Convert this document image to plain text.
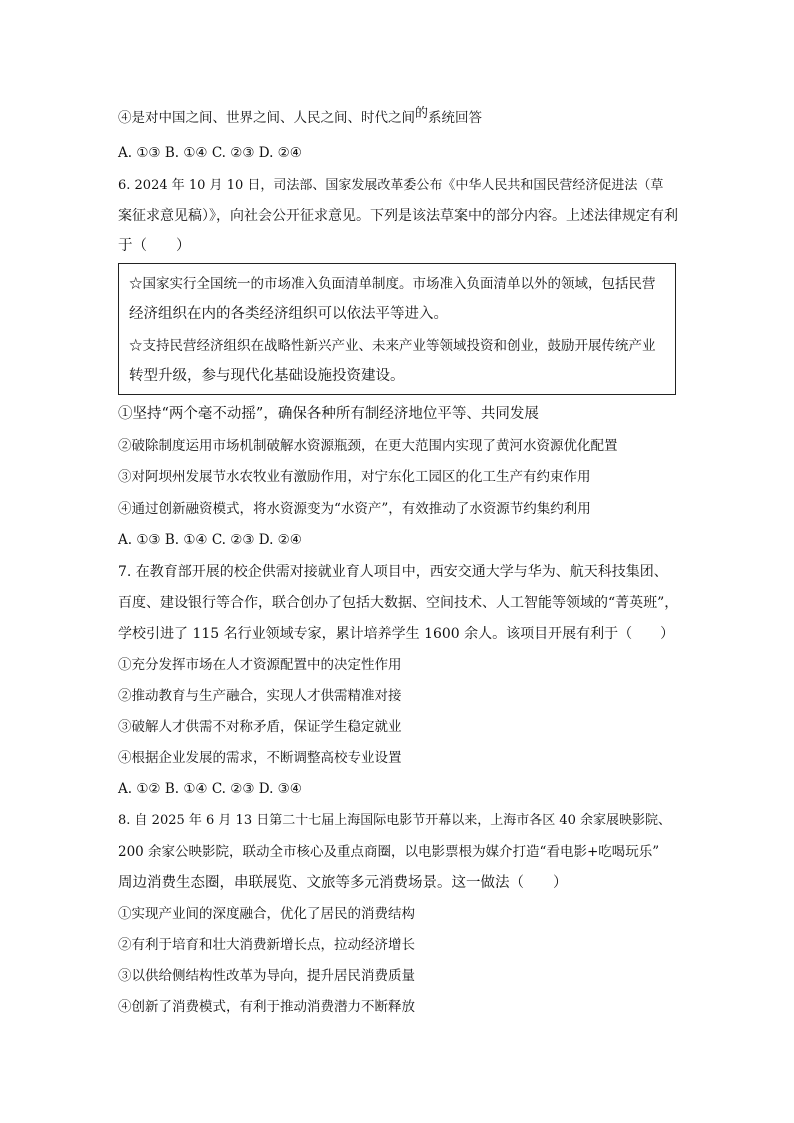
④是对中国之间、世界之间、人民之间、时代之间的系统回答
A. ①③ B. ①④ C. ②③ D. ②④
6. 2024 年 10 月 10 日，司法部、国家发展改革委公布《中华人民共和国民营经济促进法（草
案征求意见稿）》，向社会公开征求意见。下列是该法草案中的部分内容。上述法律规定有利
于（　　）
☆国家实行全国统一的市场准入负面清单制度。市场准入负面清单以外的领域，包括民营
经济组织在内的各类经济组织可以依法平等进入。
☆支持民营经济组织在战略性新兴产业、未来产业等领域投资和创业，鼓励开展传统产业
转型升级，参与现代化基础设施投资建设。
①坚持“两个毫不动摇”，确保各种所有制经济地位平等、共同发展
②破除制度运用市场机制破解水资源瓶颈，在更大范围内实现了黄河水资源优化配置
③对阿坝州发展节水农牧业有激励作用，对宁东化工园区的化工生产有约束作用
④通过创新融资模式，将水资源变为“水资产”，有效推动了水资源节约集约利用
A. ①③ B. ①④ C. ②③ D. ②④
7. 在教育部开展的校企供需对接就业育人项目中，西安交通大学与华为、航天科技集团、
百度、建设银行等合作，联合创办了包括大数据、空间技术、人工智能等领域的“菁英班”，
学校引进了 115 名行业领域专家，累计培养学生 1600 余人。该项目开展有利于（　　）
①充分发挥市场在人才资源配置中的决定性作用
②推动教育与生产融合，实现人才供需精准对接
③破解人才供需不对称矛盾，保证学生稳定就业
④根据企业发展的需求，不断调整高校专业设置
A. ①② B. ①④ C. ②③ D. ③④
8. 自 2025 年 6 月 13 日第二十七届上海国际电影节开幕以来，上海市各区 40 余家展映影院、
200 余家公映影院，联动全市核心及重点商圈，以电影票根为媒介打造“看电影+吃喝玩乐”
周边消费生态圈，串联展览、文旅等多元消费场景。这一做法（　　）
①实现产业间的深度融合，优化了居民的消费结构
②有利于培育和壮大消费新增长点，拉动经济增长
③以供给侧结构性改革为导向，提升居民消费质量
④创新了消费模式，有利于推动消费潜力不断释放
